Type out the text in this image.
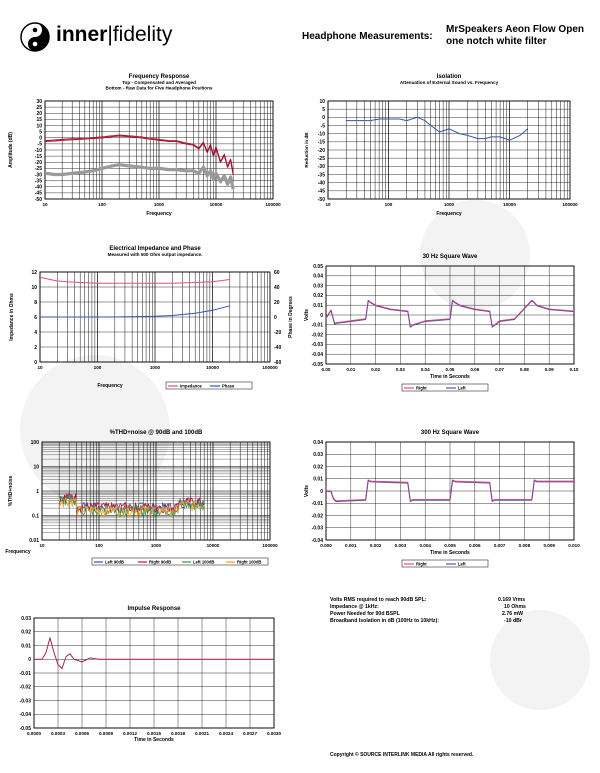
inner|fidelity	Headphone Measurements:
MrSpeakers Aeon Flow Open one notch white filter
Frequency Response
Top - Compensated and Averaged
Bottom - Raw Data for Five Headphone Positions
30
25
20
15
10
5
0
-5
-10
-15
-20
-25
-30
-35
-40
-45
-50
10	100	1000	10000	100000
Frequency
Amplitude (dB)
Isolation
Attenuation of External Sound vs. Frequency
10
5
0
-5
-10
-15
-20
-25
-30
-35
-40
-45
-50
10	100	1000	10000	100000
Frequency
Reduction in dB
Electrical Impedance and Phase
Measured with 500 Ohm output impedance.
12
10
8
6
4
2
0
60
40
20
0
-20
-40
-60
10	100	1000	10000	100000
Frequency
Impedance in Ohms	Phase in Degrees
Impedance	Phase
30 Hz Square Wave
0.05
0.04
0.03
0.02
0.01
0
-0.01
-0.02
-0.03
-0.04
-0.05
0.00	0.01	0.02	0.03	0.04	0.05	0.06	0.07	0.08	0.09	0.10
Time in Seconds
Volts
Right	Left
%THD+noise @ 90dB and 100dB
100
10
1
0.1
0.01
10	100	1000	10000	100000
Frequency
%THD+noise
Left 90dB	Right 90dB	Left 100dB	Right 100dB
300 Hz Square Wave
0.04
0.03
0.02
0.01
0
-0.01
-0.02
-0.03
-0.04
0.000	0.001	0.002	0.003	0.004	0.005	0.006	0.007	0.008	0.009	0.010
Time in Seconds
Volts
Right	Left
Impulse Response
0.03
0.02
0.01
0
-0.01
-0.02
-0.03
-0.04
-0.05
0.0000 0.0003 0.0006 0.0009 0.0012 0.0015 0.0018 0.0021 0.0024 0.0027 0.0030
Time in Seconds
Volts RMS required to reach 90dB SPL:	0.169 Vrms
Impedance @ 1kHz:	10 Ohms
Power Needed for 90d BSPL	2.76 mW
Broadband Isolation in dB (100Hz to 10kHz):	-10 dBr
Copyright © SOURCE INTERLINK MEDIA All rights reserved.
